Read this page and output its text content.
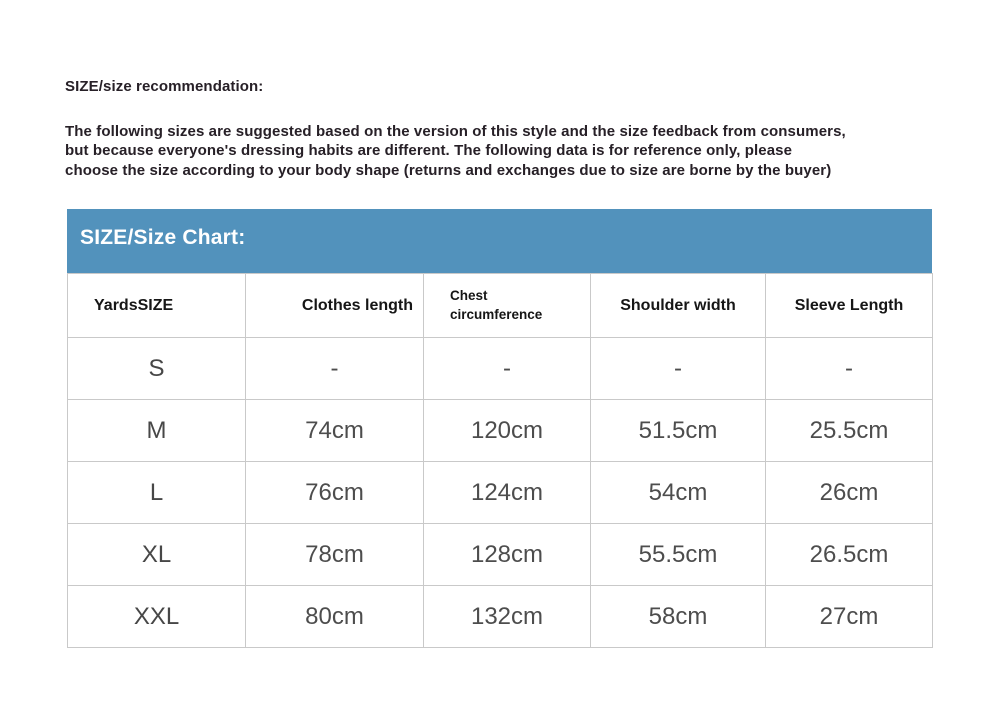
SIZE/size recommendation:
The following sizes are suggested based on the version of this style and the size feedback from consumers,
but because everyone's dressing habits are different. The following data is for reference only, please
choose the size according to your body shape (returns and exchanges due to size are borne by the buyer)
SIZE/Size Chart:
YardsSIZE	Clothes length	Chest circumference	Shoulder width	Sleeve Length
S	-	-	-	-
M	74cm	120cm	51.5cm	25.5cm
L	76cm	124cm	54cm	26cm
XL	78cm	128cm	55.5cm	26.5cm
XXL	80cm	132cm	58cm	27cm
